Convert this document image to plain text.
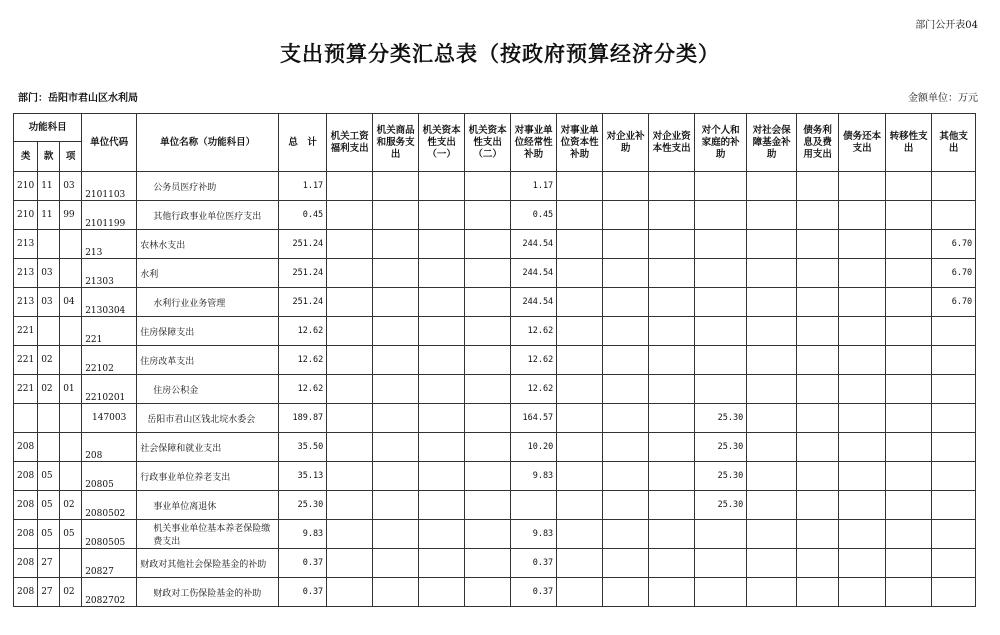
部门公开表04
支出预算分类汇总表（按政府预算经济分类）
部门：岳阳市君山区水利局	金额单位：万元
功能科目			单位代码	单位名称（功能科目）	总　计	机关工资福利支出	机关商品和服务支出	机关资本性支出（一）	机关资本性支出（二）	对事业单位经常性补助	对事业单位资本性补助	对企业补助	对企业资本性支出	对个人和家庭的补助	对社会保障基金补助	债务利息及费用支出	债务还本支出	转移性支出	其他支出
类	款	项																	
210	11	03	2101103	公务员医疗补助	1.17					1.17									
210	11	99	2101199	其他行政事业单位医疗支出	0.45					0.45									
213			213	农林水支出	251.24					244.54									6.70
213	03		21303	水利	251.24					244.54									6.70
213	03	04	2130304	水利行业业务管理	251.24					244.54									6.70
221			221	住房保障支出	12.62					12.62									
221	02		22102	住房改革支出	12.62					12.62									
221	02	01	2210201	住房公积金	12.62					12.62									
			147003	岳阳市君山区钱北垸水委会	189.87					164.57				25.30					
208			208	社会保障和就业支出	35.50					10.20				25.30					
208	05		20805	行政事业单位养老支出	35.13					9.83				25.30					
208	05	02	2080502	事业单位离退休	25.30									25.30					
208	05	05	2080505	机关事业单位基本养老保险缴费支出	9.83					9.83									
208	27		20827	财政对其他社会保险基金的补助	0.37					0.37									
208	27	02	2082702	财政对工伤保险基金的补助	0.37					0.37									
